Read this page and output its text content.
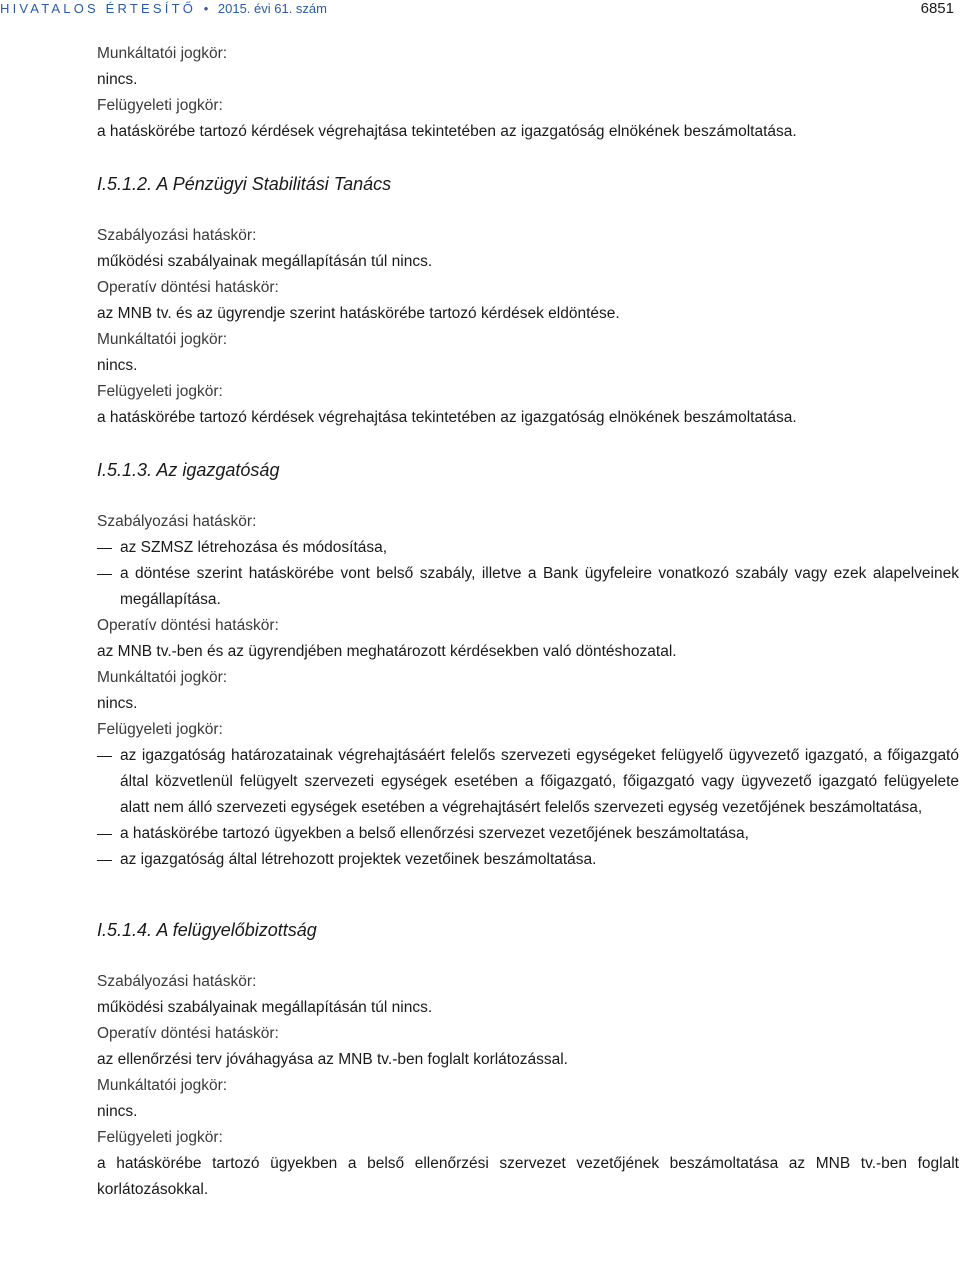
HIVATALOS ÉRTESÍTŐ • 2015. évi 61. szám	6851

Munkáltatói jogkör:

nincs.

Felügyeleti jogkör:

a hatáskörébe tartozó kérdések végrehajtása tekintetében az igazgatóság elnökének beszámoltatása.

I.5.1.2. A Pénzügyi Stabilitási Tanács

Szabályozási hatáskör:

működési szabályainak megállapításán túl nincs.

Operatív döntési hatáskör:

az MNB tv. és az ügyrendje szerint hatáskörébe tartozó kérdések eldöntése.

Munkáltatói jogkör:

nincs.

Felügyeleti jogkör:

a hatáskörébe tartozó kérdések végrehajtása tekintetében az igazgatóság elnökének beszámoltatása.

I.5.1.3. Az igazgatóság

Szabályozási hatáskör:

az SZMSZ létrehozása és módosítása,
a döntése szerint hatáskörébe vont belső szabály, illetve a Bank ügyfeleire vonatkozó szabály vagy ezek alapelveinek megállapítása.

Operatív döntési hatáskör:

az MNB tv.-ben és az ügyrendjében meghatározott kérdésekben való döntéshozatal.

Munkáltatói jogkör:

nincs.

Felügyeleti jogkör:

az igazgatóság határozatainak végrehajtásáért felelős szervezeti egységeket felügyelő ügyvezető igazgató, a főigazgató által közvetlenül felügyelt szervezeti egységek esetében a főigazgató, főigazgató vagy ügyvezető igazgató felügyelete alatt nem álló szervezeti egységek esetében a végrehajtásért felelős szervezeti egység vezetőjének beszámoltatása,
a hatáskörébe tartozó ügyekben a belső ellenőrzési szervezet vezetőjének beszámoltatása,
az igazgatóság által létrehozott projektek vezetőinek beszámoltatása.

I.5.1.4. A felügyelőbizottság

Szabályozási hatáskör:

működési szabályainak megállapításán túl nincs.

Operatív döntési hatáskör:

az ellenőrzési terv jóváhagyása az MNB tv.-ben foglalt korlátozással.

Munkáltatói jogkör:

nincs.

Felügyeleti jogkör:

a hatáskörébe tartozó ügyekben a belső ellenőrzési szervezet vezetőjének beszámoltatása az MNB tv.-ben foglalt korlátozásokkal.
